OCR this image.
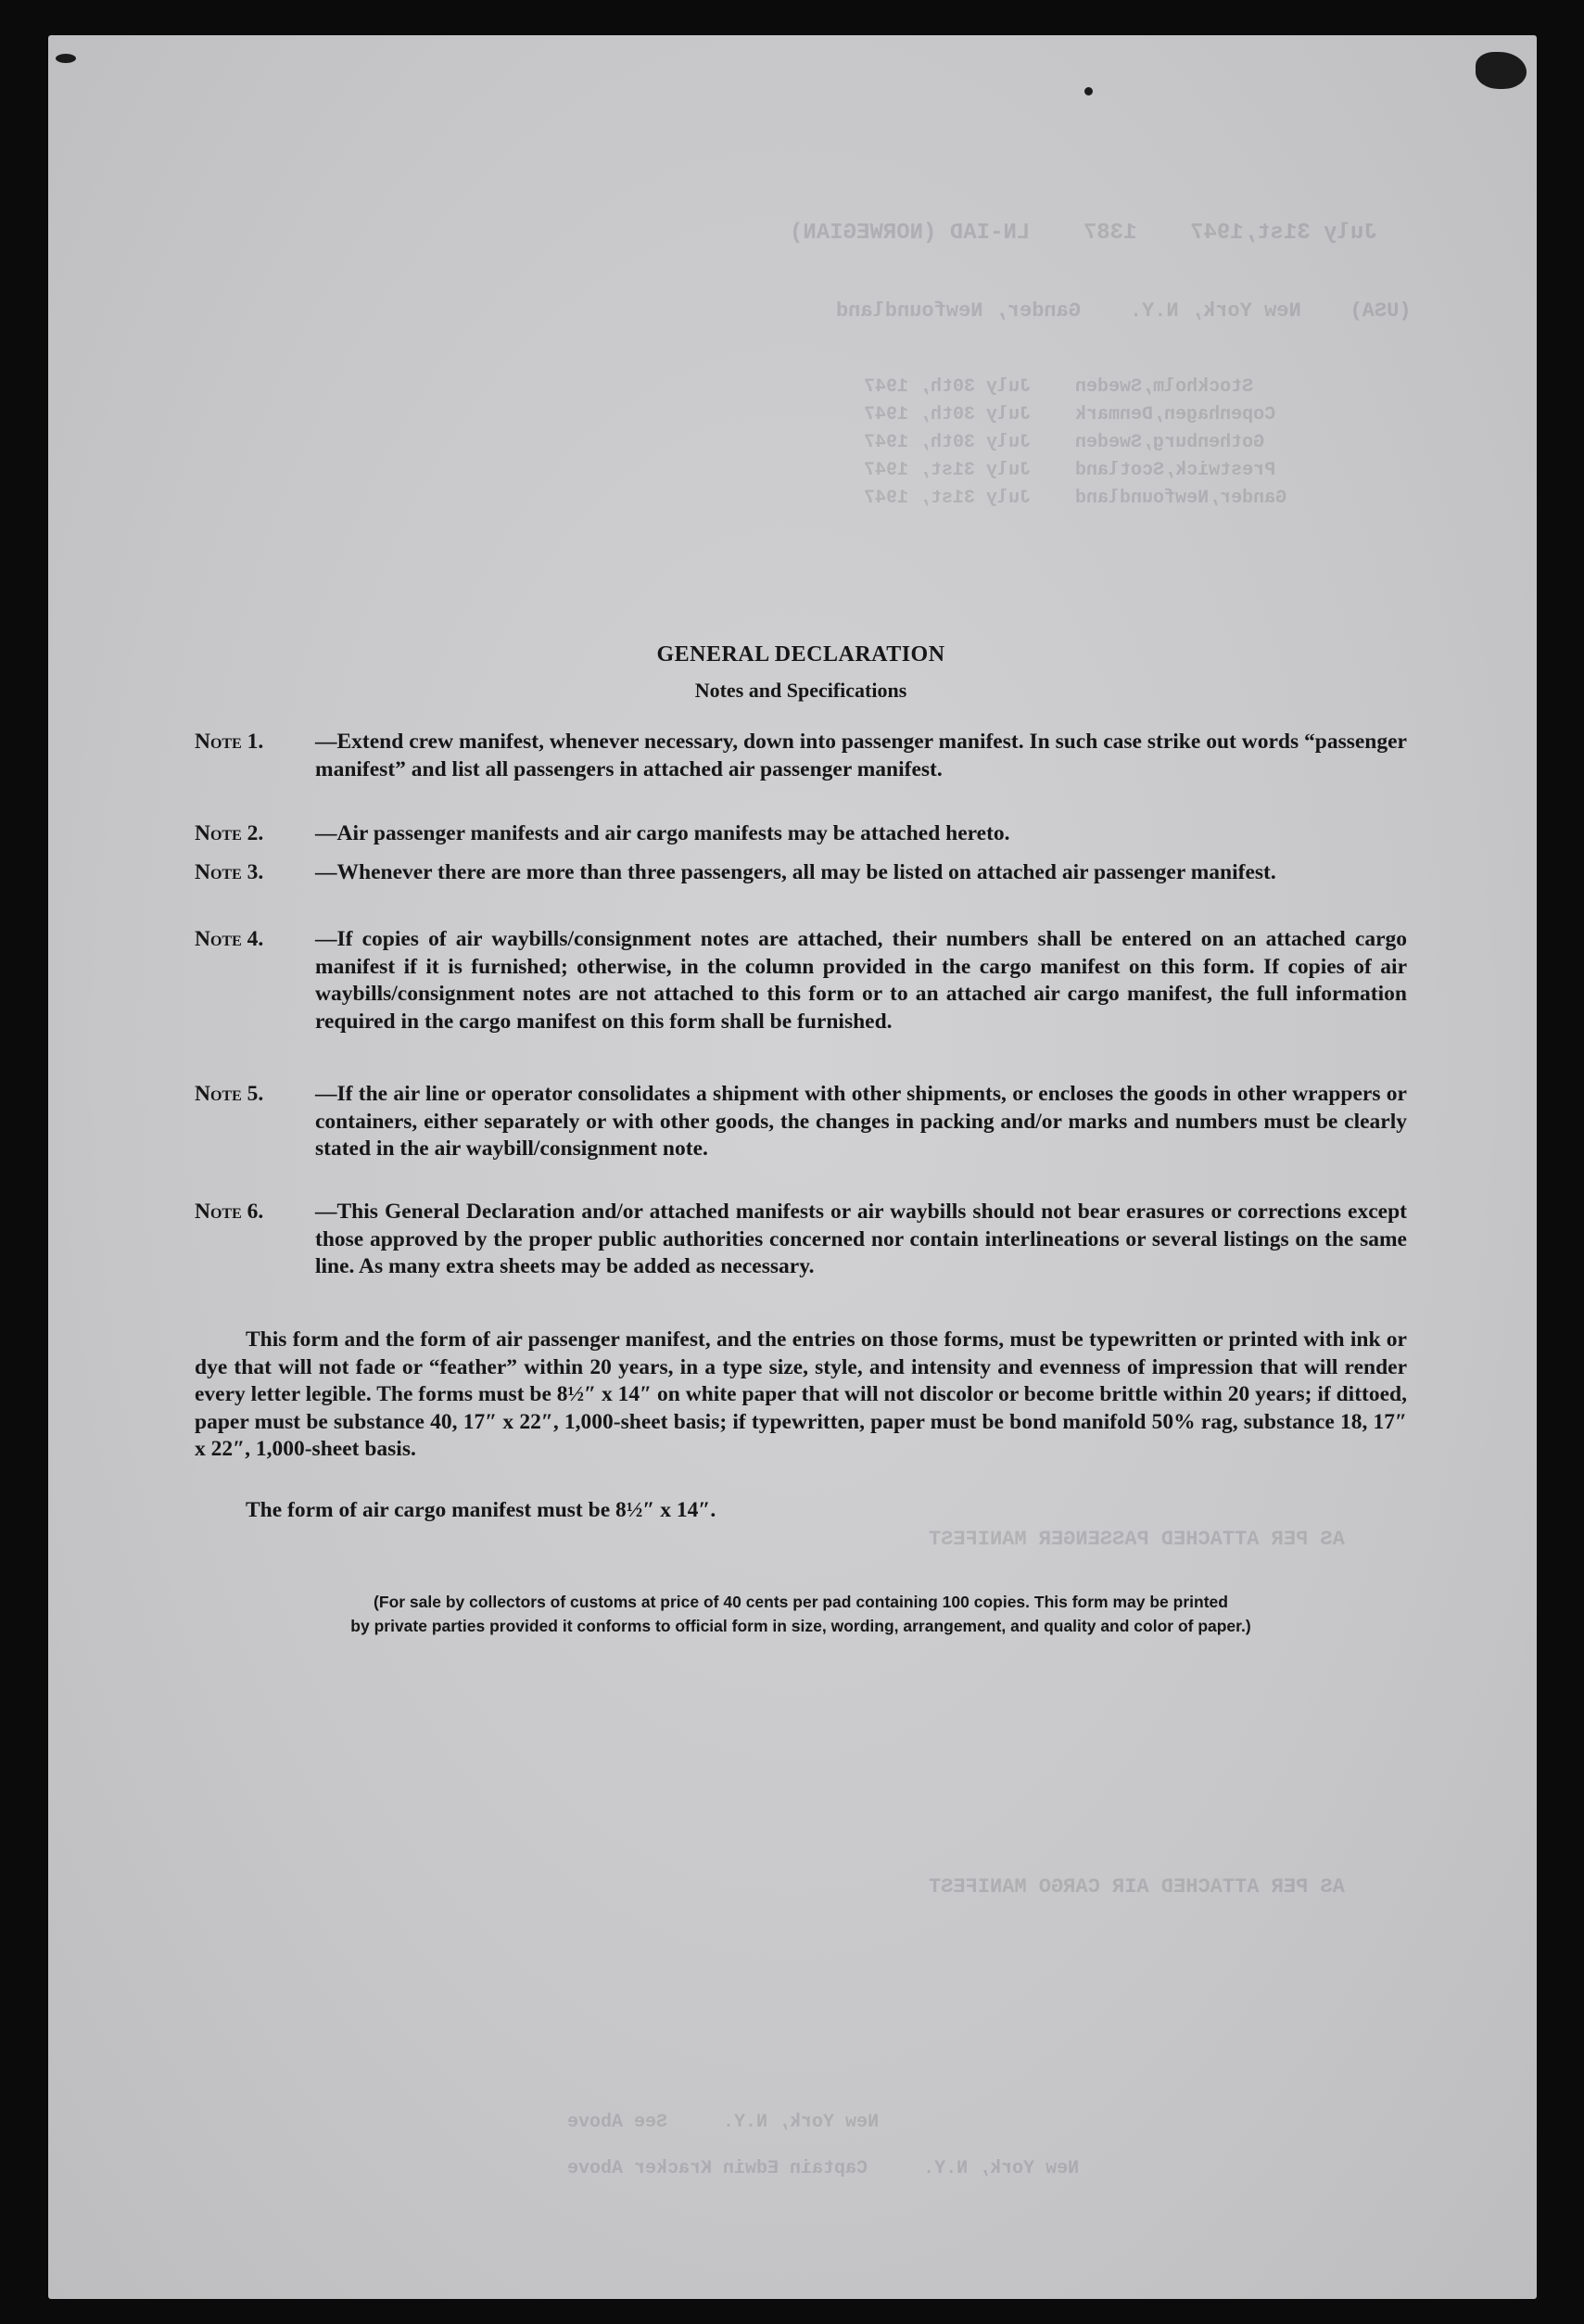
July 31st,1947    1387    LN-IAD (NORWEGIAN)
(USA)    New York, N.Y.    Gander, Newfoundland
Stockholm,Sweden    July 30th, 1947
Copenhagen,Denmark    July 30th, 1947
Gothenburg,Sweden    July 30th, 1947
Prestwick,Scotland    July 31st, 1947
Gander,Newfoundland    July 31st, 1947
AS PER ATTACHED PASSENGER MANIFEST
AS PER ATTACHED AIR CARGO MANIFEST
New York, N.Y.     See Above
New York, N.Y.     Captain Edwin Kracker Above
GENERAL DECLARATION
Notes and Specifications
Note 1. —Extend crew manifest, whenever necessary, down into passenger manifest. In such case strike out words “passenger manifest” and list all passengers in attached air passenger manifest.
Note 2. —Air passenger manifests and air cargo manifests may be attached hereto.
Note 3. —Whenever there are more than three passengers, all may be listed on attached air passenger manifest.
Note 4. —If copies of air waybills/consignment notes are attached, their numbers shall be entered on an attached cargo manifest if it is furnished; otherwise, in the column provided in the cargo manifest on this form. If copies of air waybills/consignment notes are not attached to this form or to an attached air cargo manifest, the full information required in the cargo manifest on this form shall be furnished.
Note 5. —If the air line or operator consolidates a shipment with other shipments, or encloses the goods in other wrappers or containers, either separately or with other goods, the changes in packing and/or marks and numbers must be clearly stated in the air waybill/consignment note.
Note 6. —This General Declaration and/or attached manifests or air waybills should not bear erasures or corrections except those approved by the proper public authorities concerned nor contain interlineations or several listings on the same line. As many extra sheets may be added as necessary.
This form and the form of air passenger manifest, and the entries on those forms, must be typewritten or printed with ink or dye that will not fade or “feather” within 20 years, in a type size, style, and intensity and evenness of impression that will render every letter legible. The forms must be 8½″ x 14″ on white paper that will not discolor or become brittle within 20 years; if dittoed, paper must be substance 40, 17″ x 22″, 1,000-sheet basis; if typewritten, paper must be bond manifold 50% rag, substance 18, 17″ x 22″, 1,000-sheet basis.
The form of air cargo manifest must be 8½″ x 14″.
(For sale by collectors of customs at price of 40 cents per pad containing 100 copies. This form may be printed
by private parties provided it conforms to official form in size, wording, arrangement, and quality and color of paper.)
